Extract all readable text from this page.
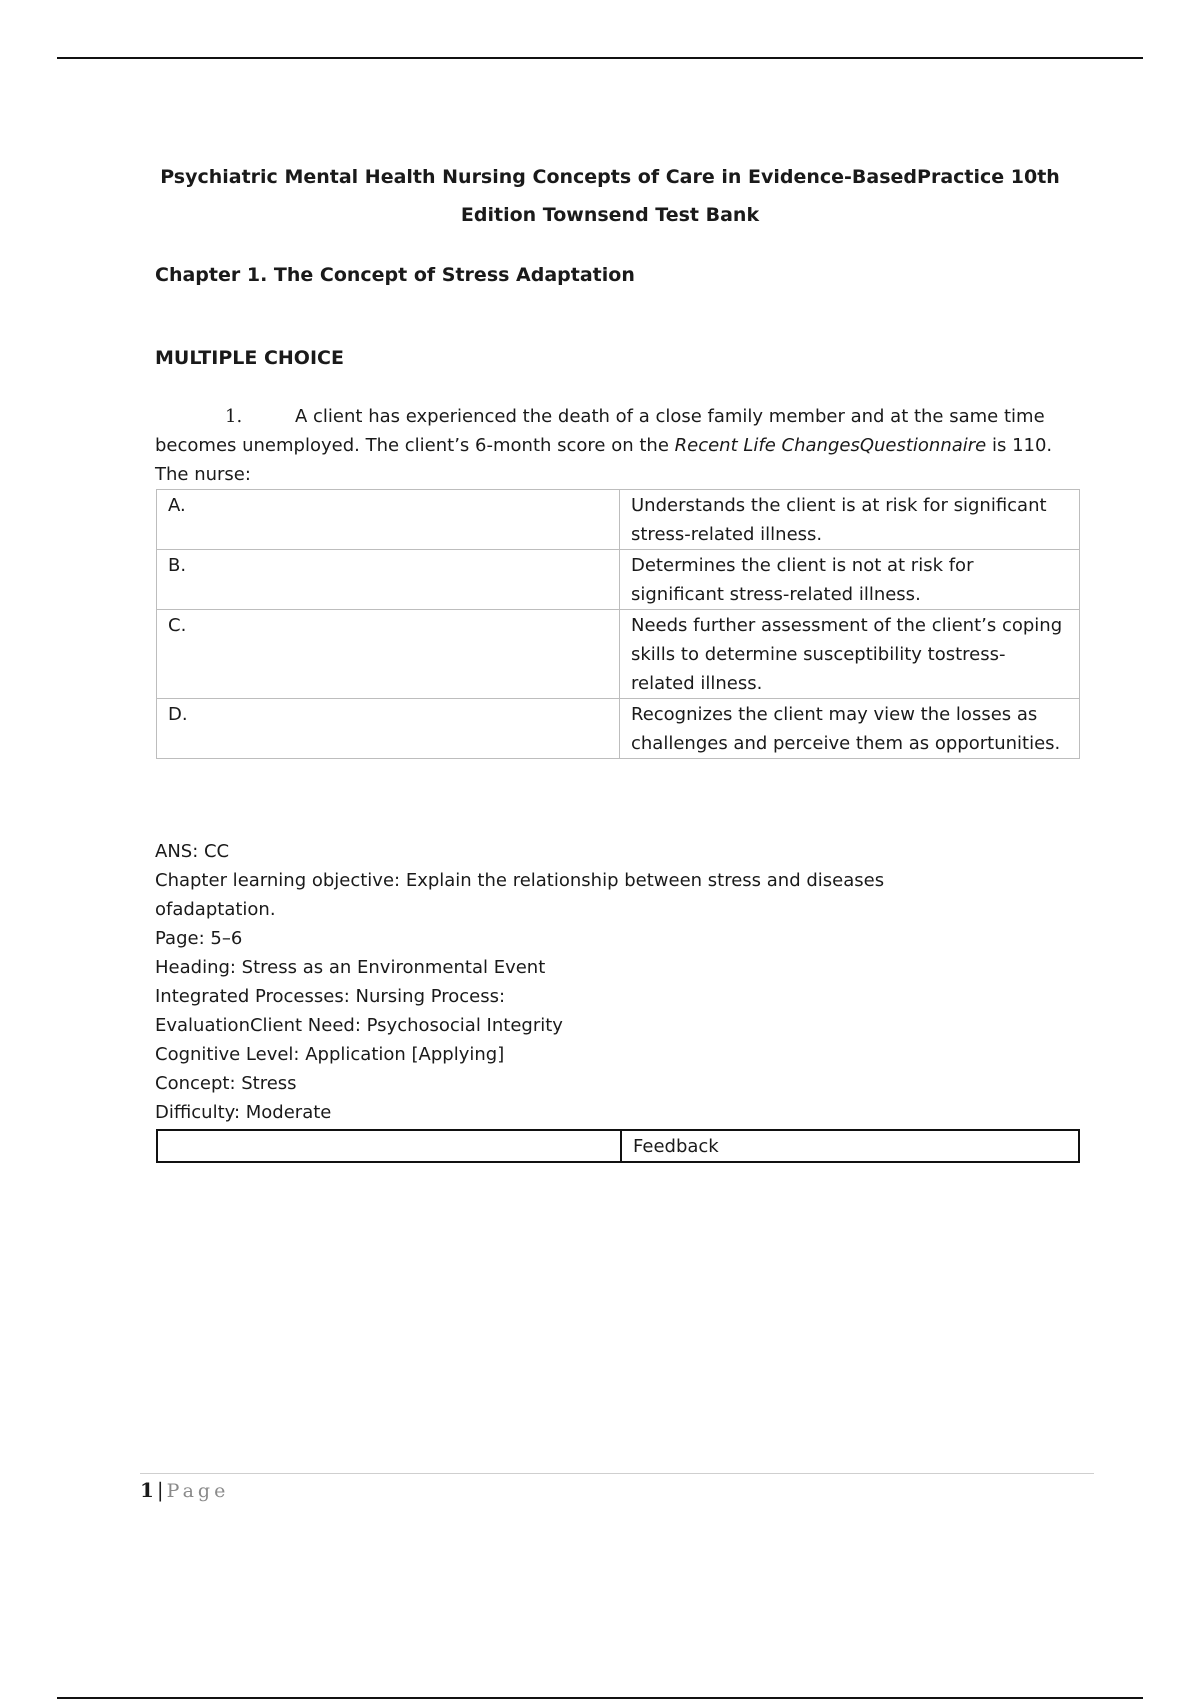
Psychiatric Mental Health Nursing Concepts of Care in Evidence-BasedPractice 10th
Edition Townsend Test Bank
Chapter 1. The Concept of Stress Adaptation
MULTIPLE CHOICE
1.	A client has experienced the death of a close family member and at the same time becomes unemployed. The client’s 6-month score on the Recent Life ChangesQuestionnaire is 110. The nurse:
A.	Understands the client is at risk for significant stress-related illness.
B.	Determines the client is not at risk for significant stress-related illness.
C.	Needs further assessment of the client’s coping skills to determine susceptibility tostress-related illness.
D.	Recognizes the client may view the losses as challenges and perceive them as opportunities.
ANS: CC
Chapter learning objective: Explain the relationship between stress and diseases
ofadaptation.
Page: 5–6
Heading: Stress as an Environmental Event
Integrated Processes: Nursing Process:
EvaluationClient Need: Psychosocial Integrity
Cognitive Level: Application [Applying]
Concept: Stress
Difficulty: Moderate
	Feedback
1 | Page
